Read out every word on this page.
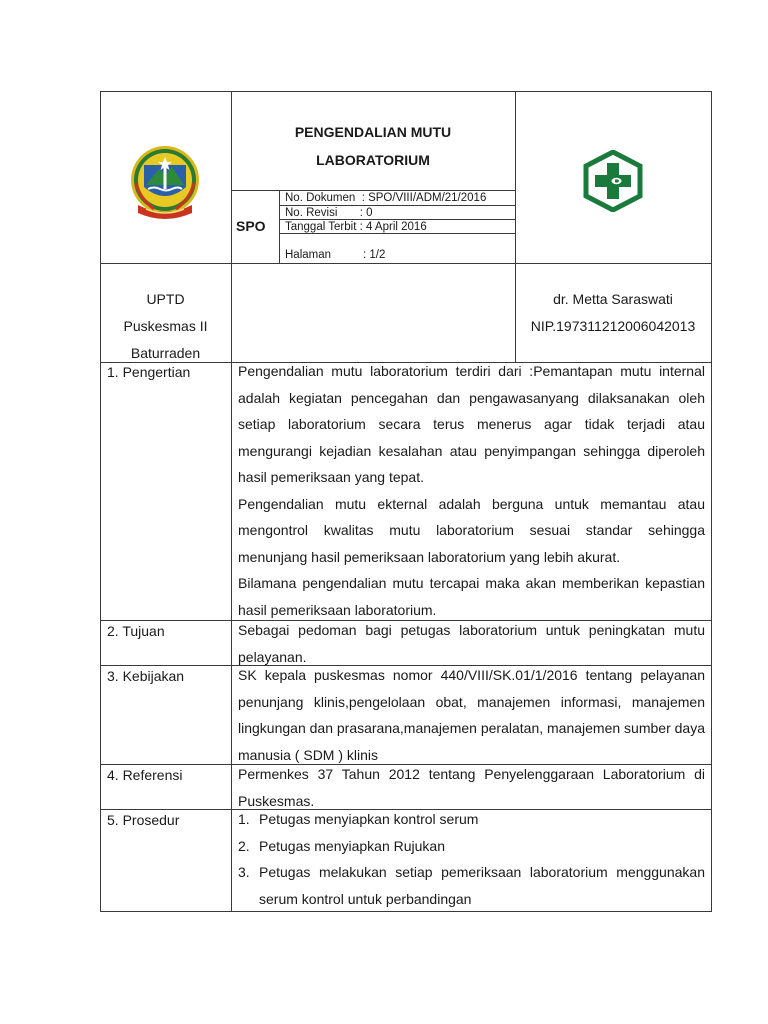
PENGENDALIAN MUTU
LABORATORIUM
SPO
No. Dokumen  : SPO/VIII/ADM/21/2016
No. Revisi       : 0
Tanggal Terbit : 4 April 2016
Halaman          : 1/2
UPTD
Puskesmas II
Baturraden
dr. Metta Saraswati
NIP.197311212006042013
1. Pengertian	Pengendalian mutu laboratorium terdiri dari :Pemantapan mutu internal adalah kegiatan pencegahan dan pengawasanyang dilaksanakan oleh setiap laboratorium secara terus menerus agar tidak terjadi atau mengurangi kejadian kesalahan atau penyimpangan sehingga diperoleh hasil pemeriksaan yang tepat.
Pengendalian mutu ekternal adalah berguna untuk memantau atau mengontrol kwalitas mutu laboratorium sesuai standar sehingga menunjang hasil pemeriksaan laboratorium yang lebih akurat.
Bilamana pengendalian mutu tercapai maka akan memberikan kepastian hasil pemeriksaan laboratorium.
2. Tujuan	Sebagai pedoman bagi petugas laboratorium untuk peningkatan mutu pelayanan.
3. Kebijakan	SK kepala puskesmas nomor 440/VIII/SK.01/1/2016 tentang pelayanan penunjang klinis,pengelolaan obat, manajemen informasi, manajemen lingkungan dan prasarana,manajemen peralatan, manajemen sumber daya manusia ( SDM ) klinis
4. Referensi	Permenkes 37 Tahun 2012 tentang Penyelenggaraan Laboratorium di Puskesmas.
5. Prosedur	1. Petugas menyiapkan kontrol serum
2. Petugas menyiapkan Rujukan
3. Petugas melakukan setiap pemeriksaan laboratorium menggunakan serum kontrol untuk perbandingan
